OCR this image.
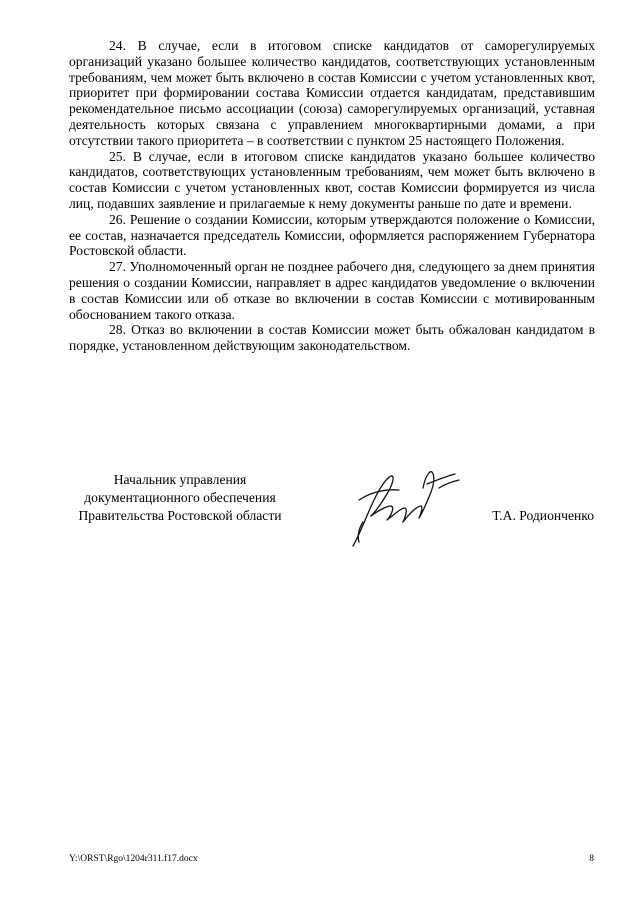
24. В случае, если в итоговом списке кандидатов от саморегулируемых организаций указано большее количество кандидатов, соответствующих установленным требованиям, чем может быть включено в состав Комиссии с учетом установленных квот, приоритет при формировании состава Комиссии отдается кандидатам, представившим рекомендательное письмо ассоциации (союза) саморегулируемых организаций, уставная деятельность которых связана с управлением многоквартирными домами, а при отсутствии такого приоритета – в соответствии с пунктом 25 настоящего Положения.

25. В случае, если в итоговом списке кандидатов указано большее количество кандидатов, соответствующих установленным требованиям, чем может быть включено в состав Комиссии с учетом установленных квот, состав Комиссии формируется из числа лиц, подавших заявление и прилагаемые к нему документы раньше по дате и времени.

26. Решение о создании Комиссии, которым утверждаются положение о Комиссии, ее состав, назначается председатель Комиссии, оформляется распоряжением Губернатора Ростовской области.

27. Уполномоченный орган не позднее рабочего дня, следующего за днем принятия решения о создании Комиссии, направляет в адрес кандидатов уведомление о включении в состав Комиссии или об отказе во включении в состав Комиссии с мотивированным обоснованием такого отказа.

28. Отказ во включении в состав Комиссии может быть обжалован кандидатом в порядке, установленном действующим законодательством.

Начальник управления
документационного обеспечения
Правительства Ростовской области	Т.А. Родионченко
Y:\ORST\Rgo\1204r311.f17.docx	8
